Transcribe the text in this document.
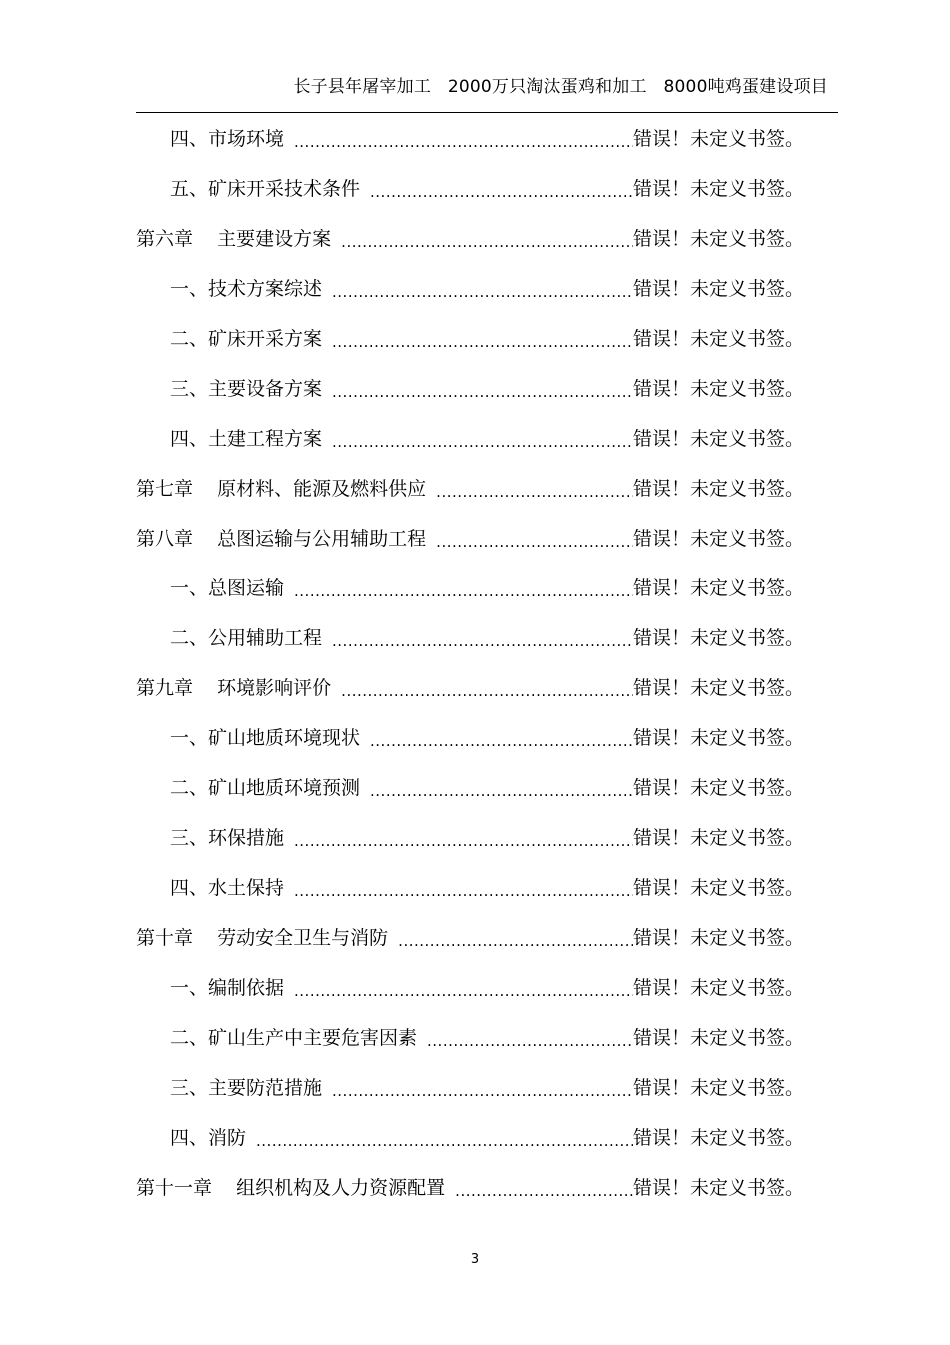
长子县年屠宰加工   2000万只淘汰蛋鸡和加工   8000吨鸡蛋建设项目
四、市场环境 .....	错误！未定义书签。
五、矿床开采技术条件 .....	错误！未定义书签。
第六章    主要建设方案 .....	错误！未定义书签。
一、技术方案综述 .....	错误！未定义书签。
二、矿床开采方案 .....	错误！未定义书签。
三、主要设备方案 .....	错误！未定义书签。
四、土建工程方案 .....	错误！未定义书签。
第七章    原材料、能源及燃料供应 .....	错误！未定义书签。
第八章    总图运输与公用辅助工程 .....	错误！未定义书签。
一、总图运输 .....	错误！未定义书签。
二、公用辅助工程 .....	错误！未定义书签。
第九章    环境影响评价 .....	错误！未定义书签。
一、矿山地质环境现状 .....	错误！未定义书签。
二、矿山地质环境预测 .....	错误！未定义书签。
三、环保措施 .....	错误！未定义书签。
四、水土保持 .....	错误！未定义书签。
第十章    劳动安全卫生与消防 .....	错误！未定义书签。
一、编制依据 .....	错误！未定义书签。
二、矿山生产中主要危害因素 .....	错误！未定义书签。
三、主要防范措施 .....	错误！未定义书签。
四、消防 .....	错误！未定义书签。
第十一章    组织机构及人力资源配置 .....	错误！未定义书签。
3
